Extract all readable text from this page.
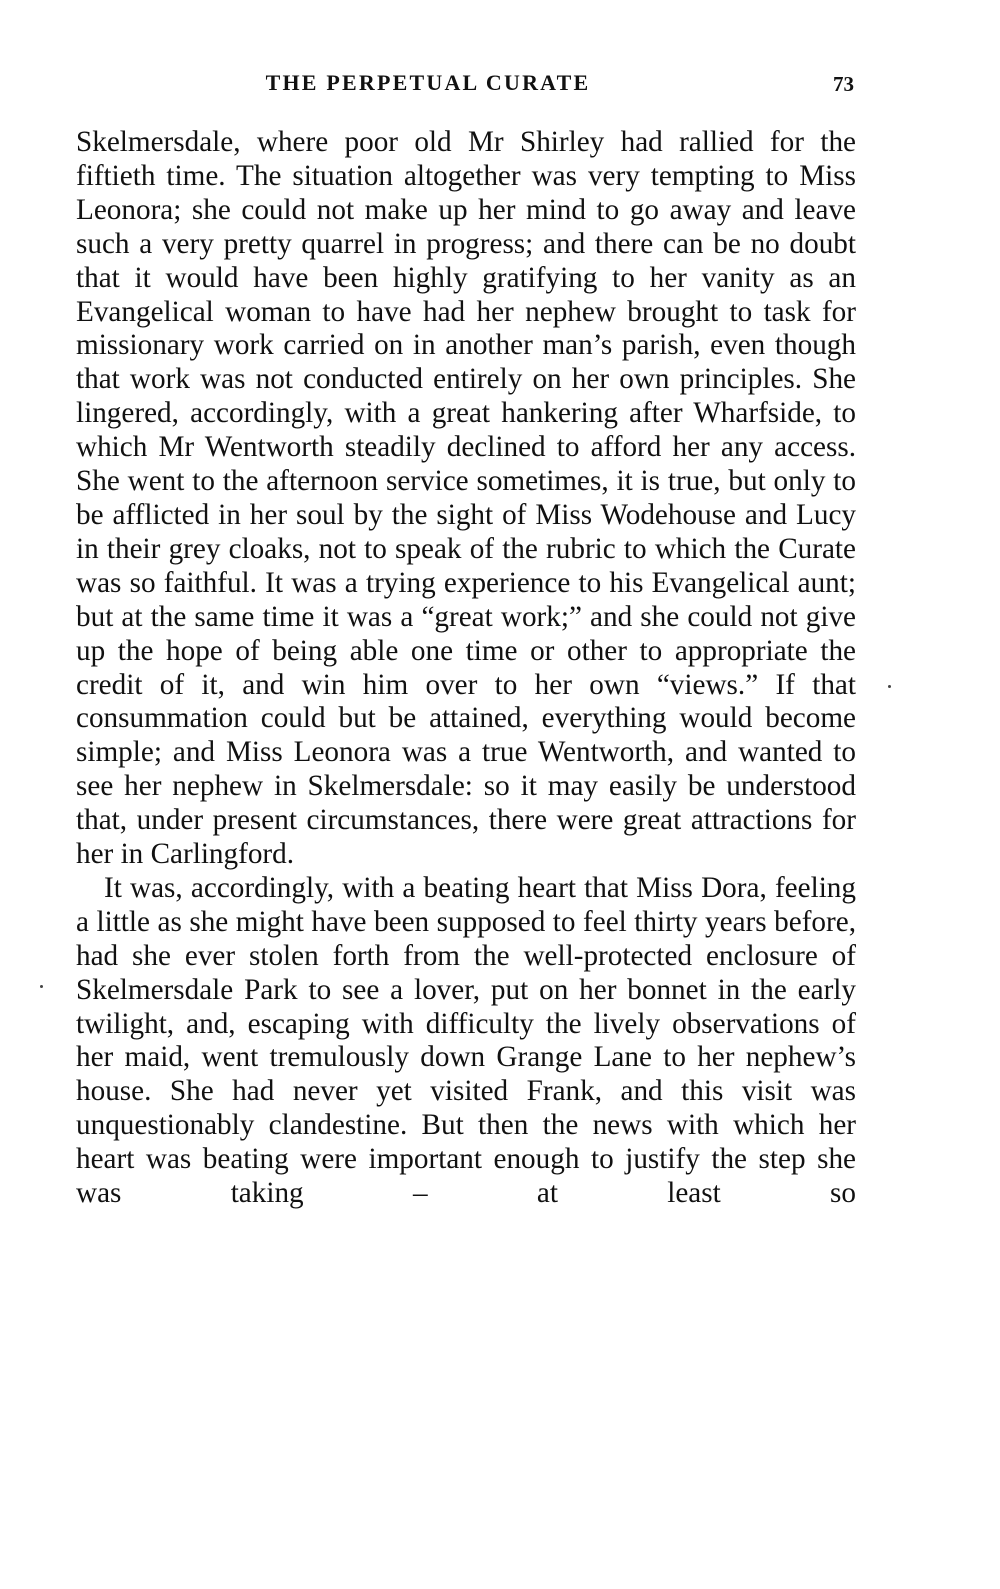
THE PERPETUAL CURATE	73

Skelmersdale, where poor old Mr Shirley had rallied for the fiftieth time. The situation altogether was very tempting to Miss Leonora; she could not make up her mind to go away and leave such a very pretty quarrel in progress; and there can be no doubt that it would have been highly gratifying to her vanity as an Evangelical woman to have had her nephew brought to task for missionary work carried on in another man’s parish, even though that work was not conducted entirely on her own principles. She lingered, accordingly, with a great hankering after Wharfside, to which Mr Wentworth steadily declined to afford her any access. She went to the afternoon service sometimes, it is true, but only to be afflicted in her soul by the sight of Miss Wodehouse and Lucy in their grey cloaks, not to speak of the rubric to which the Curate was so faithful. It was a trying experience to his Evangelical aunt; but at the same time it was a “great work;” and she could not give up the hope of being able one time or other to appropriate the credit of it, and win him over to her own “views.” If that consummation could but be attained, everything would become simple; and Miss Leonora was a true Wentworth, and wanted to see her nephew in Skelmersdale: so it may easily be understood that, under present circumstances, there were great attractions for her in Carlingford.

It was, accordingly, with a beating heart that Miss Dora, feeling a little as she might have been supposed to feel thirty years before, had she ever stolen forth from the well-protected enclosure of Skelmersdale Park to see a lover, put on her bonnet in the early twilight, and, escaping with difficulty the lively observations of her maid, went tremulously down Grange Lane to her nephew’s house. She had never yet visited Frank, and this visit was unquestionably clandestine. But then the news with which her heart was beating were important enough to justify the step she was taking – at least so
